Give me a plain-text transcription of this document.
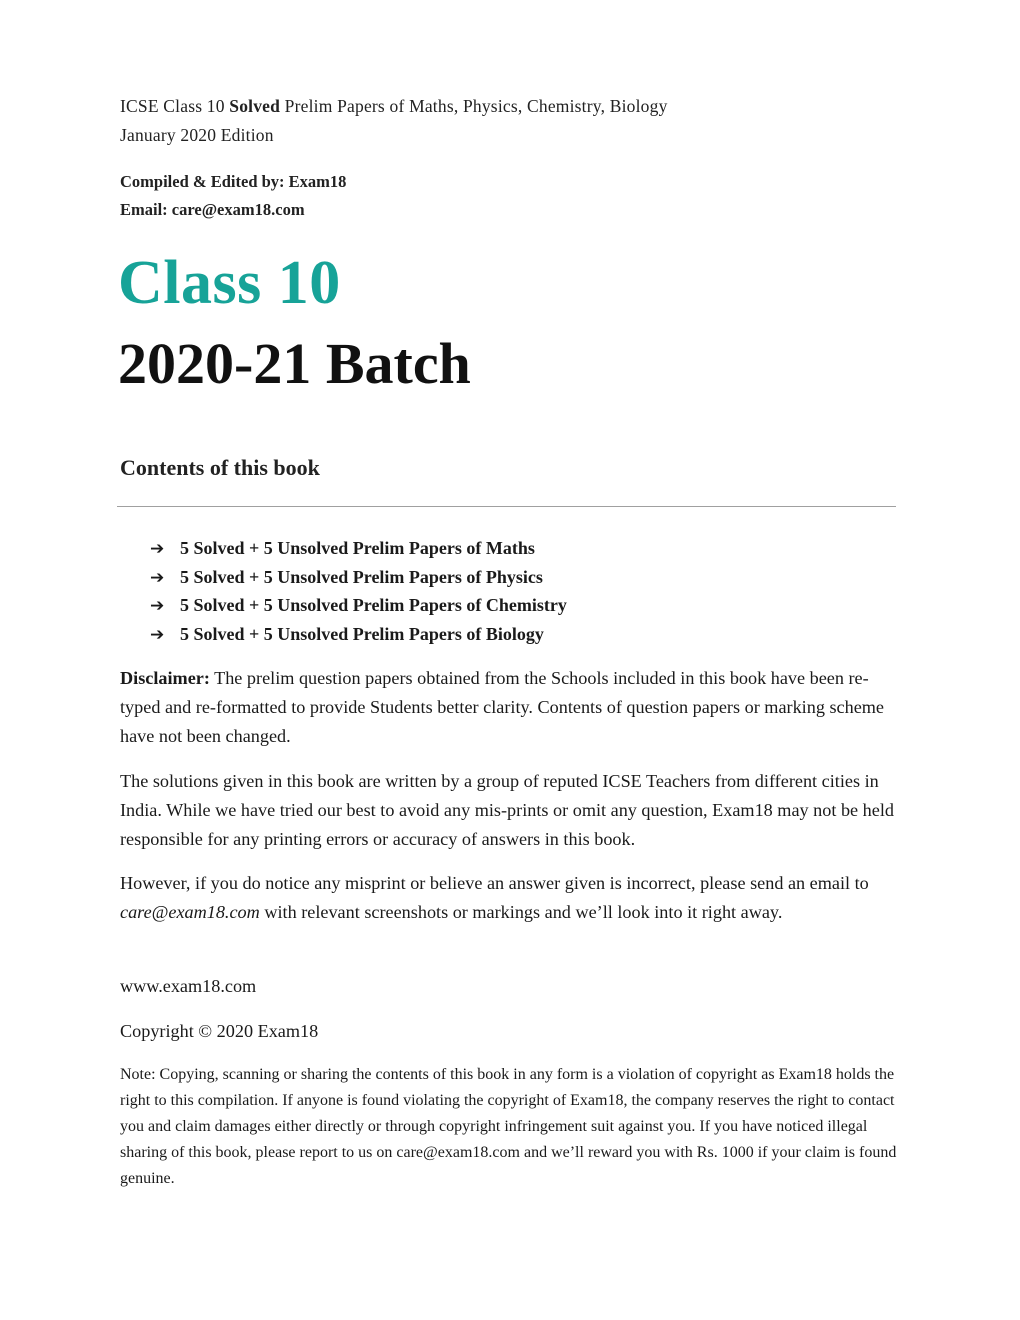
ICSE Class 10 Solved Prelim Papers of Maths, Physics, Chemistry, Biology
January 2020 Edition
Compiled & Edited by: Exam18
Email: care@exam18.com
Class 10
2020-21 Batch
Contents of this book
➔ 5 Solved + 5 Unsolved Prelim Papers of Maths
➔ 5 Solved + 5 Unsolved Prelim Papers of Physics
➔ 5 Solved + 5 Unsolved Prelim Papers of Chemistry
➔ 5 Solved + 5 Unsolved Prelim Papers of Biology

Disclaimer: The prelim question papers obtained from the Schools included in this book have been re-typed and re-formatted to provide Students better clarity. Contents of question papers or marking scheme have not been changed.

The solutions given in this book are written by a group of reputed ICSE Teachers from different cities in India. While we have tried our best to avoid any mis-prints or omit any question, Exam18 may not be held responsible for any printing errors or accuracy of answers in this book.

However, if you do notice any misprint or believe an answer given is incorrect, please send an email to care@exam18.com with relevant screenshots or markings and we’ll look into it right away.

www.exam18.com

Copyright © 2020 Exam18

Note: Copying, scanning or sharing the contents of this book in any form is a violation of copyright as Exam18 holds the right to this compilation. If anyone is found violating the copyright of Exam18, the company reserves the right to contact you and claim damages either directly or through copyright infringement suit against you. If you have noticed illegal sharing of this book, please report to us on care@exam18.com and we’ll reward you with Rs. 1000 if your claim is found genuine.
